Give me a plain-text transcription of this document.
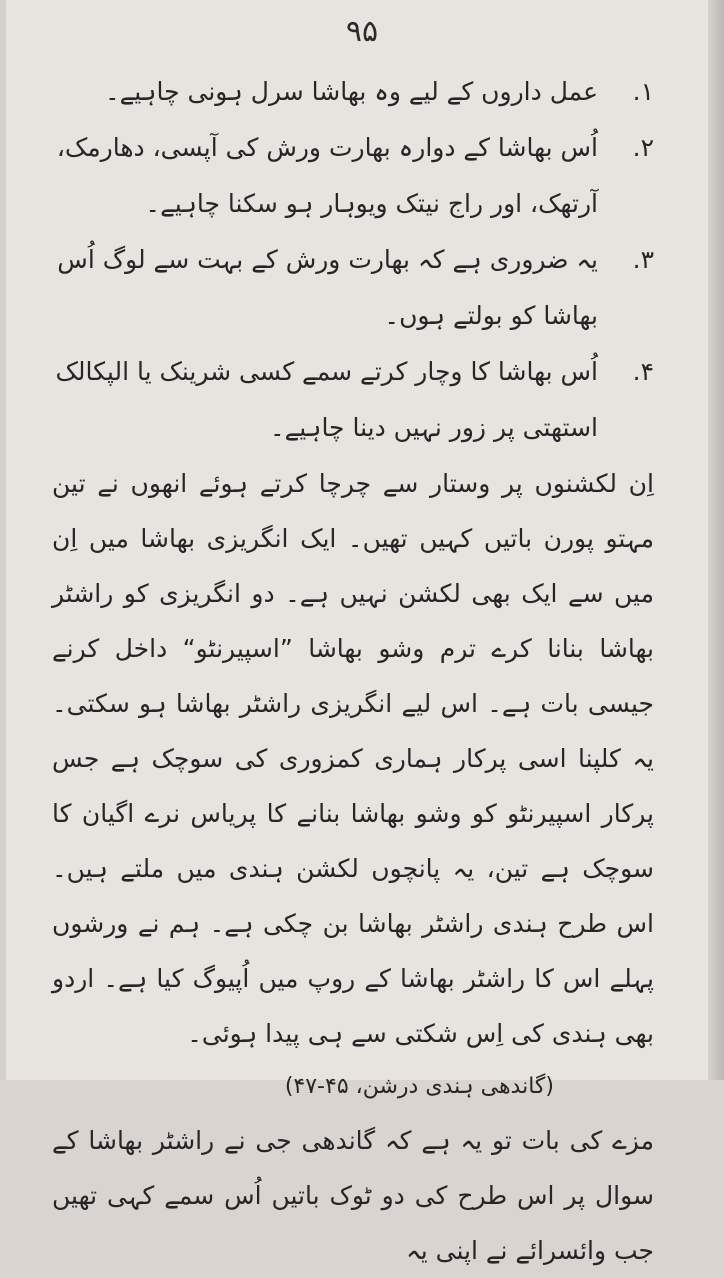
۹۵
۱.
عمل داروں کے لیے وہ بھاشا سرل ہونی چاہیے۔
۲.
اُس بھاشا کے دوارہ بھارت ورش کی آپسی، دھارمک، آرتھک، اور راج نیتک ویوہار ہو سکنا چاہیے۔
۳.
یہ ضروری ہے کہ بھارت ورش کے بہت سے لوگ اُس بھاشا کو بولتے ہوں۔
۴.
اُس بھاشا کا وچار کرتے سمے کسی شرینک یا الپکالک استھتی پر زور نہیں دینا چاہیے۔
اِن لکشنوں پر وستار سے چرچا کرتے ہوئے انھوں نے تین مہتو پورن باتیں کہیں تھیں۔ ایک انگریزی بھاشا میں اِن میں سے ایک بھی لکشن نہیں ہے۔ دو انگریزی کو راشٹر بھاشا بنانا کرے ترم وشو بھاشا ”اسپیرنٹو“ داخل کرنے جیسی بات ہے۔ اس لیے انگریزی راشٹر بھاشا ہو سکتی۔ یہ کلپنا اسی پرکار ہماری کمزوری کی سوچک ہے جس پرکار اسپیرنٹو کو وشو بھاشا بنانے کا پریاس نرے اگیان کا سوچک ہے تین، یہ پانچوں لکشن ہندی میں ملتے ہیں۔ اس طرح ہندی راشٹر بھاشا بن چکی ہے۔ ہم نے ورشوں پہلے اس کا راشٹر بھاشا کے روپ میں اُپیوگ کیا ہے۔ اردو بھی ہندی کی اِس شکتی سے ہی پیدا ہوئی۔
(گاندھی ہندی درشن، ۴۵-۴۷)
مزے کی بات تو یہ ہے کہ گاندھی جی نے راشٹر بھاشا کے سوال پر اس طرح کی دو ٹوک باتیں اُس سمے کہی تھیں جب وائسرائے نے اپنی یہ
